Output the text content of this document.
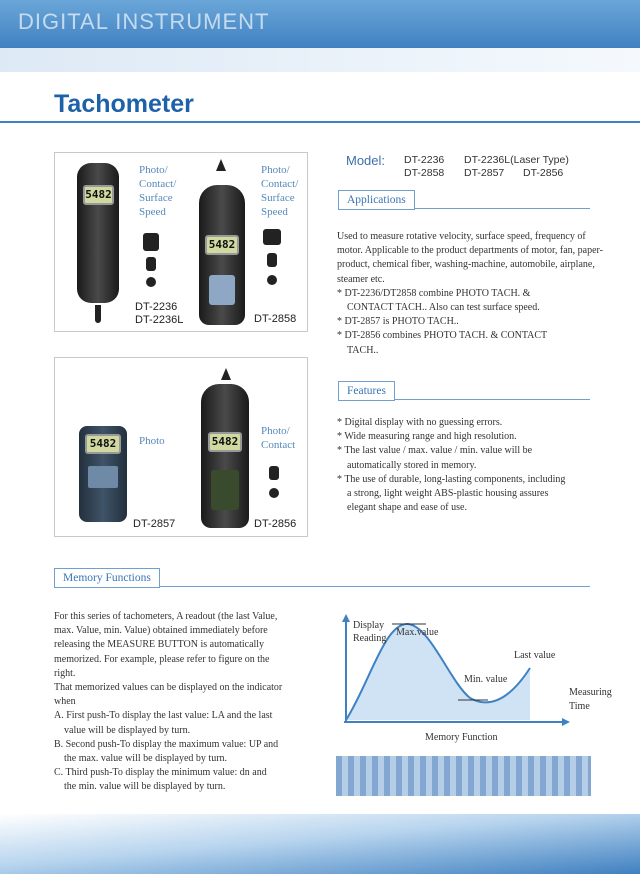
DIGITAL INSTRUMENT
Tachometer
5482
Photo/
Contact/
Surface
Speed
DT-2236
DT-2236L
5482
Photo/
Contact/
Surface
Speed
DT-2858
5482	Photo
DT-2857
5482
Photo/
Contact
DT-2856
Model: DT-2236 DT-2236L(Laser Type)
DT-2858 DT-2857 DT-2856
Applications

Used to measure rotative velocity, surface speed, frequency of motor. Applicable to the product departments of motor, fan, paper-product, chemical fiber, washing-machine, automobile, airplane, steamer etc.

* DT-2236/DT2858 combine PHOTO TACH. &

CONTACT TACH.. Also can test surface speed.

* DT-2857 is PHOTO TACH..

* DT-2856 combines PHOTO TACH. & CONTACT

TACH..

Features

* Digital display with no guessing errors.

* Wide measuring range and high resolution.

* The last value / max. value / min. value will be

automatically stored in memory.

* The use of durable, long-lasting components, including

a strong, light weight ABS-plastic housing assures

elegant shape and ease of use.

Memory Functions

For this series of tachometers, A readout (the last Value,

max. Value, min. Value) obtained immediately before

releasing the MEASURE BUTTON is automatically

memorized. For example, please refer to figure on the

right.

That memorized values can be displayed on the indicator

when

A. First push-To display the last value: LA and the last

value will be displayed by turn.

B. Second push-To display the maximum value: UP and

the max. value will be displayed by turn.

C. Third push-To display the minimum value: dn and

the min. value will be displayed by turn.

Display

Reading

Max.value
Last value
Min. value

Measuring

Time

Memory Function
